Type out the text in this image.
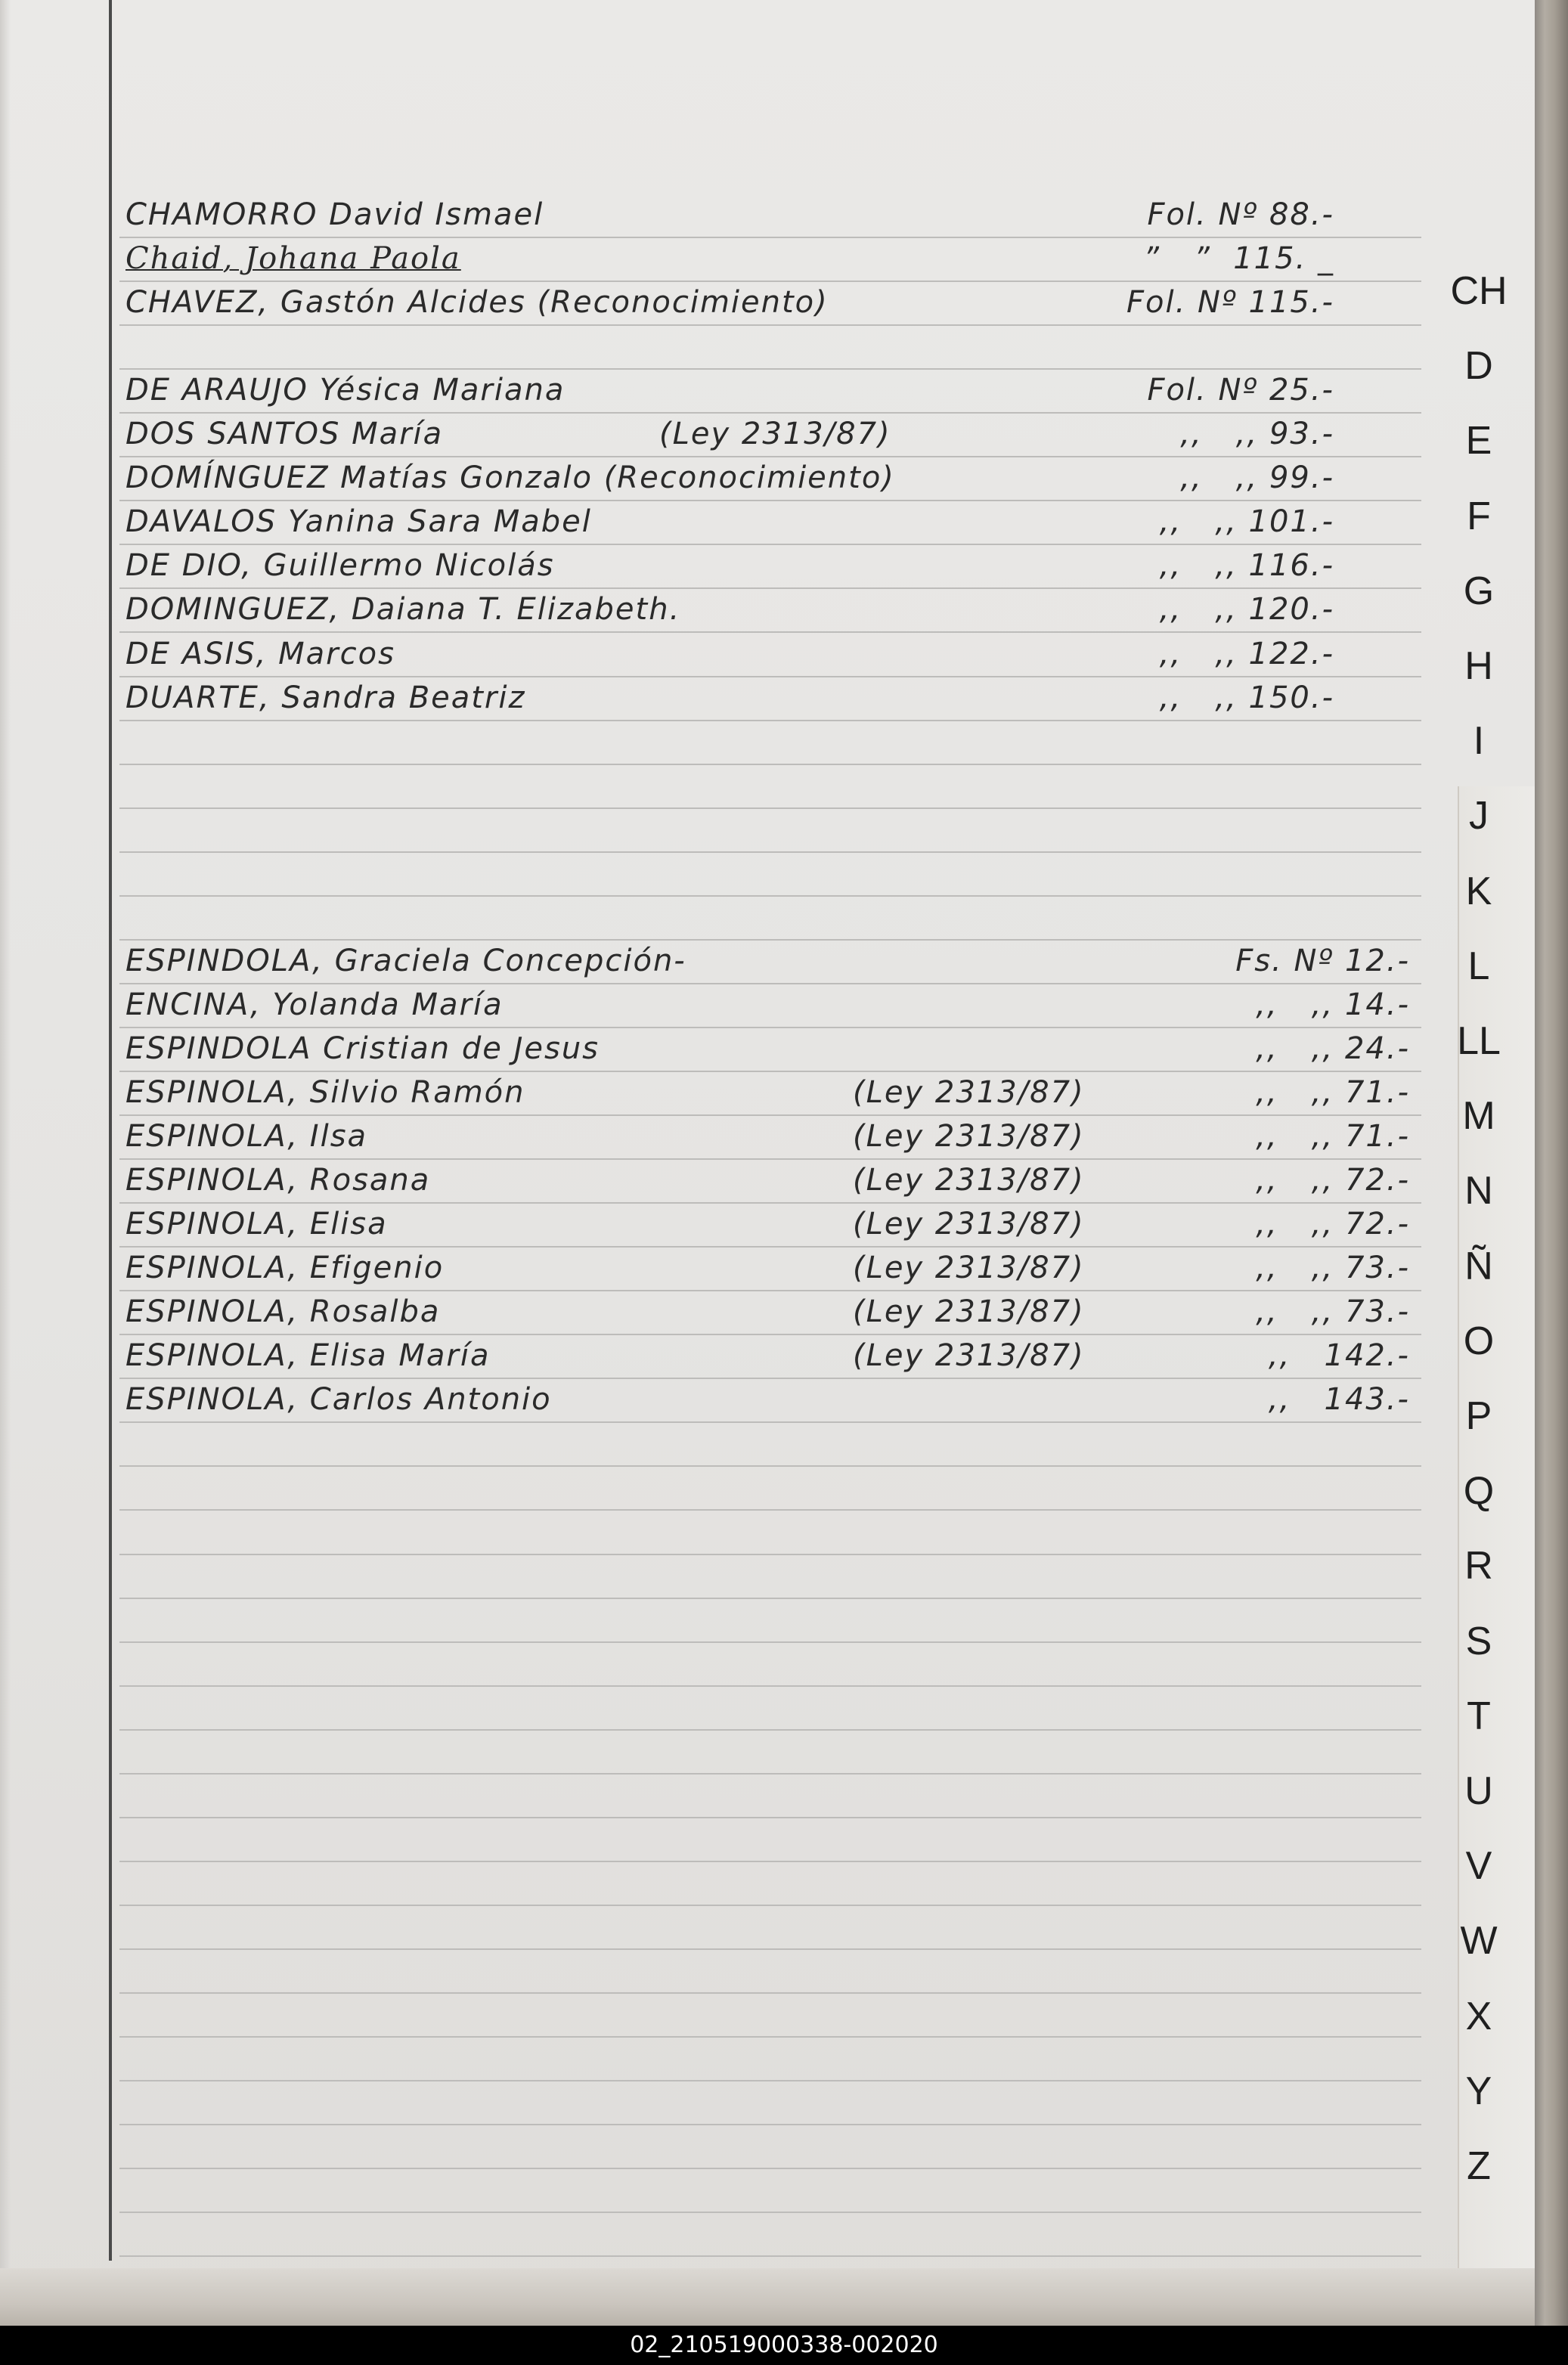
CHAMORRO David Ismael	Fol. Nº 88.-
Chaid, Johana Paola	”   ”  115. _
CHAVEZ, Gastón Alcides (Reconocimiento)	Fol. Nº 115.-
DE ARAUJO Yésica Mariana	Fol. Nº 25.-
DOS SANTOS María	(Ley 2313/87)	,,   ,, 93.-
DOMÍNGUEZ Matías Gonzalo (Reconocimiento)	,,   ,, 99.-
DAVALOS Yanina Sara Mabel	,,   ,, 101.-
DE DIO, Guillermo Nicolás	,,   ,, 116.-
DOMINGUEZ, Daiana T. Elizabeth.	,,   ,, 120.-
DE ASIS, Marcos	,,   ,, 122.-
DUARTE, Sandra Beatriz	,,   ,, 150.-
ESPINDOLA, Graciela Concepción-	Fs. Nº 12.-
ENCINA, Yolanda María	,,   ,, 14.-
ESPINDOLA Cristian de Jesus	,,   ,, 24.-
ESPINOLA, Silvio Ramón	(Ley 2313/87)	,,   ,, 71.-
ESPINOLA, Ilsa	(Ley 2313/87)	,,   ,, 71.-
ESPINOLA, Rosana	(Ley 2313/87)	,,   ,, 72.-
ESPINOLA, Elisa	(Ley 2313/87)	,,   ,, 72.-
ESPINOLA, Efigenio	(Ley 2313/87)	,,   ,, 73.-
ESPINOLA, Rosalba	(Ley 2313/87)	,,   ,, 73.-
ESPINOLA, Elisa María	(Ley 2313/87)	,,   142.-
ESPINOLA, Carlos Antonio	,,   143.-
CH
D
E
F
G
H
I
J
K
L
LL
M
N
Ñ
O
P
Q
R
S
T
U
V
W
X
Y
Z
02_210519000338-002020
